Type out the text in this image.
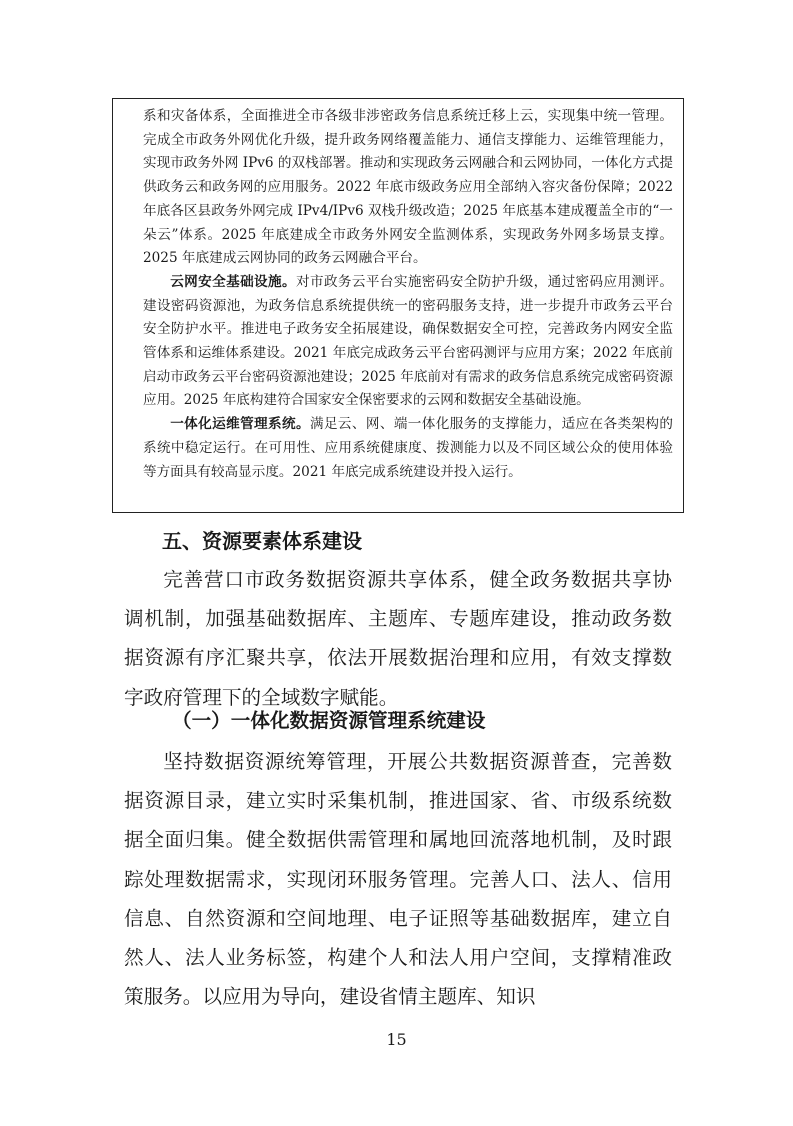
系和灾备体系，全面推进全市各级非涉密政务信息系统迁移上云，实现集中统一管理。完成全市政务外网优化升级，提升政务网络覆盖能力、通信支撑能力、运维管理能力，实现市政务外网 IPv6 的双栈部署。推动和实现政务云网融合和云网协同，一体化方式提供政务云和政务网的应用服务。2022 年底市级政务应用全部纳入容灾备份保障；2022 年底各区县政务外网完成 IPv4/IPv6 双栈升级改造；2025 年底基本建成覆盖全市的“一朵云”体系。2025 年底建成全市政务外网安全监测体系，实现政务外网多场景支撑。2025 年底建成云网协同的政务云网融合平台。

云网安全基础设施。对市政务云平台实施密码安全防护升级，通过密码应用测评。建设密码资源池，为政务信息系统提供统一的密码服务支持，进一步提升市政务云平台安全防护水平。推进电子政务安全拓展建设，确保数据安全可控，完善政务内网安全监管体系和运维体系建设。2021 年底完成政务云平台密码测评与应用方案；2022 年底前启动市政务云平台密码资源池建设；2025 年底前对有需求的政务信息系统完成密码资源应用。2025 年底构建符合国家安全保密要求的云网和数据安全基础设施。

一体化运维管理系统。满足云、网、端一体化服务的支撑能力，适应在各类架构的系统中稳定运行。在可用性、应用系统健康度、拨测能力以及不同区域公众的使用体验等方面具有较高显示度。2021 年底完成系统建设并投入运行。

五、资源要素体系建设

完善营口市政务数据资源共享体系，健全政务数据共享协调机制，加强基础数据库、主题库、专题库建设，推动政务数据资源有序汇聚共享，依法开展数据治理和应用，有效支撑数字政府管理下的全域数字赋能。

（一）一体化数据资源管理系统建设

坚持数据资源统筹管理，开展公共数据资源普查，完善数据资源目录，建立实时采集机制，推进国家、省、市级系统数据全面归集。健全数据供需管理和属地回流落地机制，及时跟踪处理数据需求，实现闭环服务管理。完善人口、法人、信用信息、自然资源和空间地理、电子证照等基础数据库，建立自然人、法人业务标签，构建个人和法人用户空间，支撑精准政策服务。以应用为导向，建设省情主题库、知识

15
